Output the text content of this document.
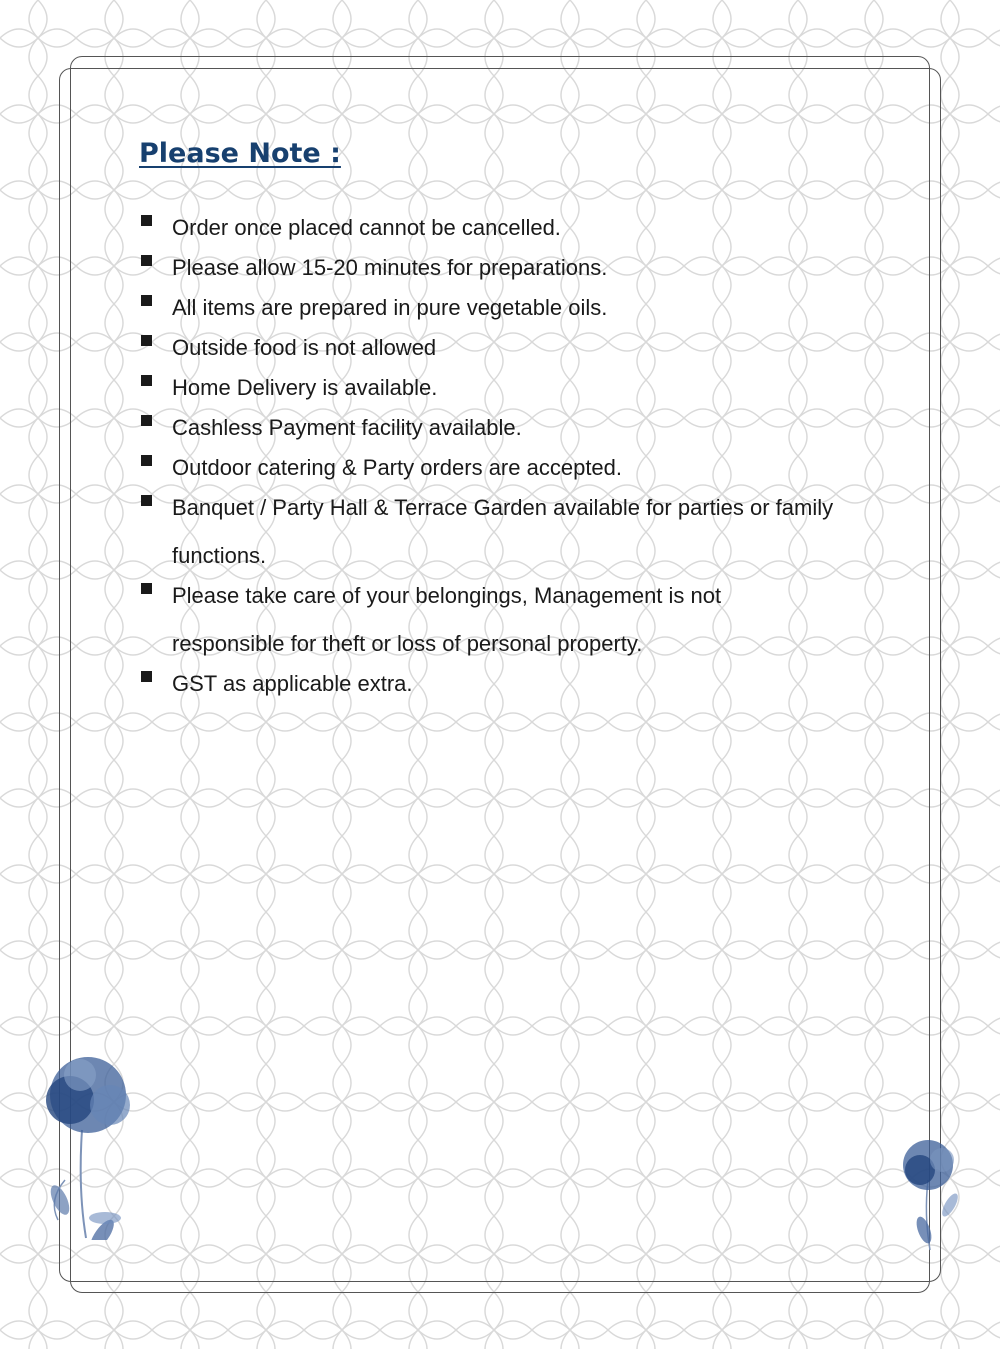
Please Note :
Order once placed cannot be cancelled.
Please allow 15-20 minutes for preparations.
All items are prepared in pure vegetable oils.
Outside food is not allowed
Home Delivery is available.
Cashless Payment facility available.
Outdoor catering & Party orders are accepted.
Banquet / Party Hall & Terrace Garden available for parties or family functions.
Please take care of your belongings, Management is not responsible for theft or loss of personal property.
GST as applicable extra.
